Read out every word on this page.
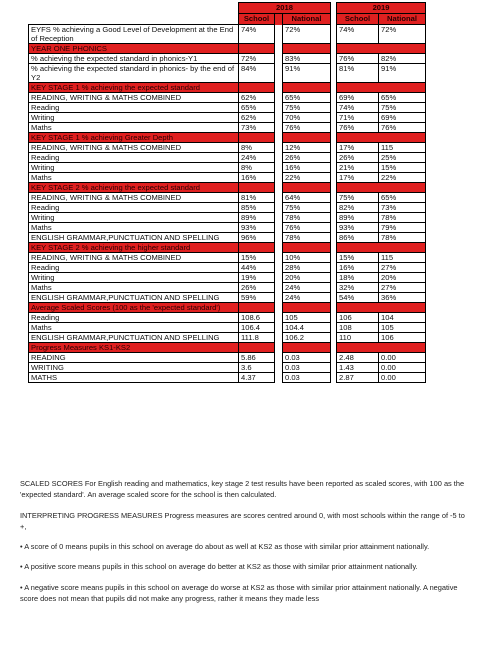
	2018				2019	
	School		National		School	National
EYFS % achieving a Good Level of Development at the End of Reception	74%		72%		74%	72%
YEAR ONE PHONICS						
% achieving the expected standard in phonics-Y1	72%		83%		76%	82%
% achieving the expected standard in phonics- by the end of Y2	84%		91%		81%	91%
KEY STAGE 1 % achieving the expected standard						
READING, WRITING & MATHS COMBINED	62%		65%		69%	65%
Reading	65%		75%		74%	75%
Writing	62%		70%		71%	69%
Maths	73%		76%		76%	76%
KEY STAGE 1 % achieving Greater Depth						
READING, WRITING & MATHS COMBINED	8%		12%		17%	115
Reading	24%		26%		26%	25%
Writing	8%		16%		21%	15%
Maths	16%		22%		17%	22%
KEY STAGE 2 % achieving the expected standard						
READING, WRITING & MATHS COMBINED	81%		64%		75%	65%
Reading	85%		75%		82%	73%
Writing	89%		78%		89%	78%
Maths	93%		76%		93%	79%
ENGLISH GRAMMAR,PUNCTUATION AND SPELLING	96%		78%		86%	78%
KEY STAGE 2 % achieving the higher standard						
READING, WRITING & MATHS COMBINED	15%		10%		15%	115
Reading	44%		28%		16%	27%
Writing	19%		20%		18%	20%
Maths	26%		24%		32%	27%
ENGLISH GRAMMAR,PUNCTUATION AND SPELLING	59%		24%		54%	36%
Average Scaled Scores (100 as the 'expected standard')						
Reading	108.6		105		106	104
Maths	106.4		104.4		108	105
ENGLISH GRAMMAR,PUNCTUATION AND SPELLING	111.8		106.2		110	106
Progress Measures KS1-KS2						
READING	5.86		0.03		2.48	0.00
WRITING	3.6		0.03		1.43	0.00
MATHS	4.37		0.03		2.87	0.00

SCALED SCORES For English reading and mathematics, key stage 2 test results have been reported as scaled scores, with 100 as the 'expected standard'. An average scaled score for the school is then calculated.

INTERPRETING PROGRESS MEASURES Progress measures are scores centred around 0, with most schools within the range of -5 to +,

• A score of 0 means pupils in this school on average do about as well at KS2 as those with similar prior attainment nationally.

• A positive score means pupils in this school on average do better at KS2 as those with similar prior attainment nationally.

• A negative score means pupils in this school on average do worse at KS2 as those with similar prior attainment nationally. A negative score does not mean that pupils did not make any progress, rather it means they made less
